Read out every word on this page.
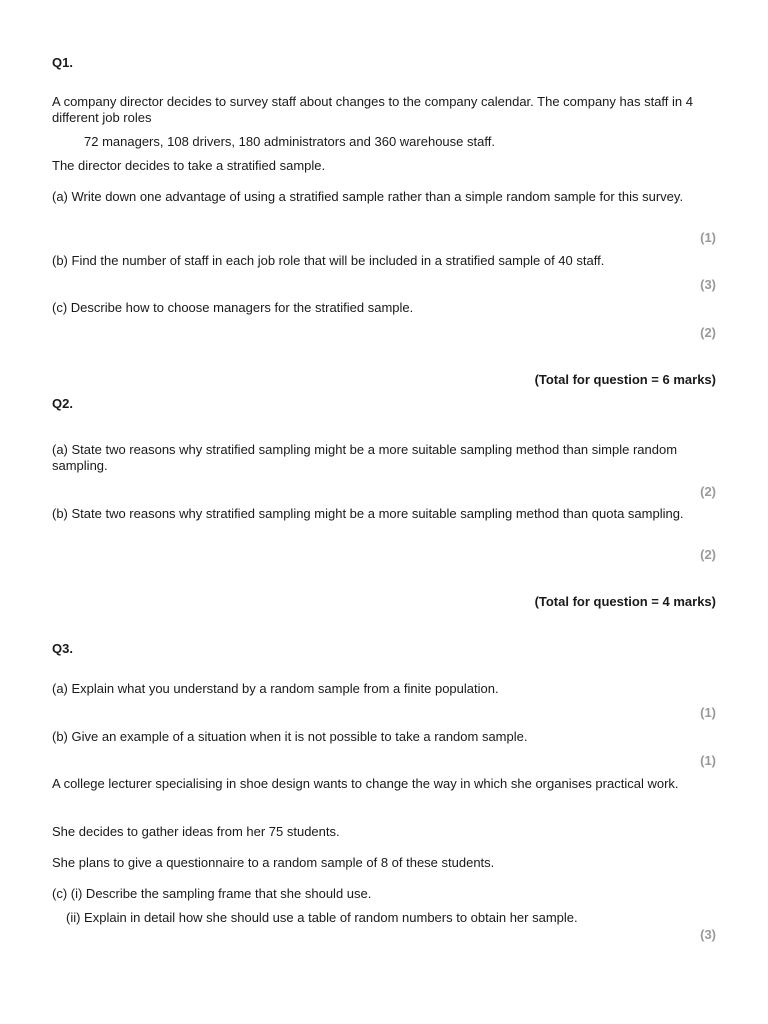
Q1.
A company director decides to survey staff about changes to the company calendar. The company has staff in 4 different job roles
72 managers, 108 drivers, 180 administrators and 360 warehouse staff.
The director decides to take a stratified sample.
(a) Write down one advantage of using a stratified sample rather than a simple random sample for this survey.
(1)
(b) Find the number of staff in each job role that will be included in a stratified sample of 40 staff.
(3)
(c) Describe how to choose managers for the stratified sample.
(2)
(Total for question = 6 marks)
Q2.
(a) State two reasons why stratified sampling might be a more suitable sampling method than simple random sampling.
(2)
(b) State two reasons why stratified sampling might be a more suitable sampling method than quota sampling.
(2)
(Total for question = 4 marks)
Q3.
(a) Explain what you understand by a random sample from a finite population.
(1)
(b) Give an example of a situation when it is not possible to take a random sample.
(1)
A college lecturer specialising in shoe design wants to change the way in which she organises practical work.
She decides to gather ideas from her 75 students.
She plans to give a questionnaire to a random sample of 8 of these students.
(c) (i) Describe the sampling frame that she should use.
(ii) Explain in detail how she should use a table of random numbers to obtain her sample.
(3)
